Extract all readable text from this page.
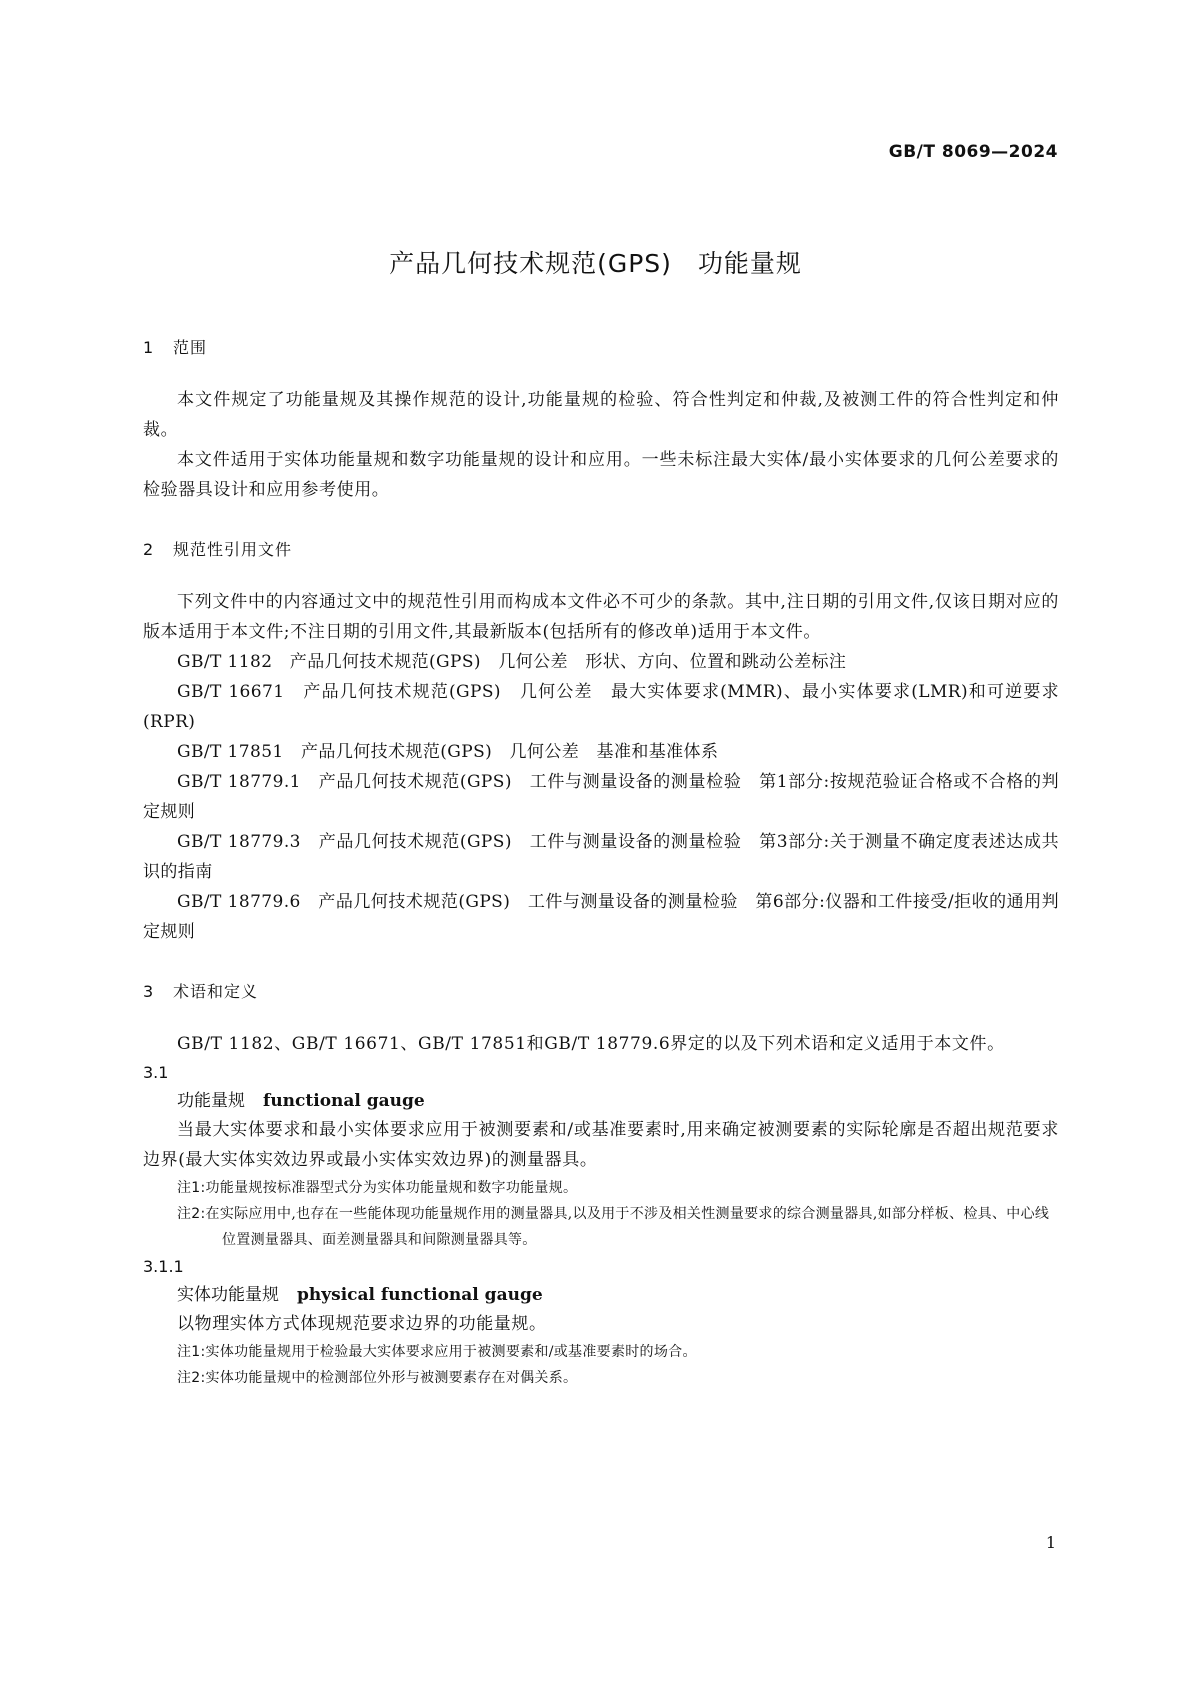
GB/T 8069—2024
产品几何技术规范(GPS)　功能量规
1 范围
本文件规定了功能量规及其操作规范的设计,功能量规的检验、符合性判定和仲裁,及被测工件的符合性判定和仲裁。
本文件适用于实体功能量规和数字功能量规的设计和应用。一些未标注最大实体/最小实体要求的几何公差要求的检验器具设计和应用参考使用。
2 规范性引用文件
下列文件中的内容通过文中的规范性引用而构成本文件必不可少的条款。其中,注日期的引用文件,仅该日期对应的版本适用于本文件;不注日期的引用文件,其最新版本(包括所有的修改单)适用于本文件。
GB/T 1182　产品几何技术规范(GPS)　几何公差　形状、方向、位置和跳动公差标注
GB/T 16671　产品几何技术规范(GPS)　几何公差　最大实体要求(MMR)、最小实体要求(LMR)和可逆要求(RPR)
GB/T 17851　产品几何技术规范(GPS)　几何公差　基准和基准体系
GB/T 18779.1　产品几何技术规范(GPS)　工件与测量设备的测量检验　第1部分:按规范验证合格或不合格的判定规则
GB/T 18779.3　产品几何技术规范(GPS)　工件与测量设备的测量检验　第3部分:关于测量不确定度表述达成共识的指南
GB/T 18779.6　产品几何技术规范(GPS)　工件与测量设备的测量检验　第6部分:仪器和工件接受/拒收的通用判定规则
3 术语和定义
GB/T 1182、GB/T 16671、GB/T 17851和GB/T 18779.6界定的以及下列术语和定义适用于本文件。
3.1
功能量规 functional gauge
当最大实体要求和最小实体要求应用于被测要素和/或基准要素时,用来确定被测要素的实际轮廓是否超出规范要求边界(最大实体实效边界或最小实体实效边界)的测量器具。
注1:功能量规按标准器型式分为实体功能量规和数字功能量规。
注2:在实际应用中,也存在一些能体现功能量规作用的测量器具,以及用于不涉及相关性测量要求的综合测量器具,如部分样板、检具、中心线位置测量器具、面差测量器具和间隙测量器具等。
3.1.1
实体功能量规 physical functional gauge
以物理实体方式体现规范要求边界的功能量规。
注1:实体功能量规用于检验最大实体要求应用于被测要素和/或基准要素时的场合。
注2:实体功能量规中的检测部位外形与被测要素存在对偶关系。
1
